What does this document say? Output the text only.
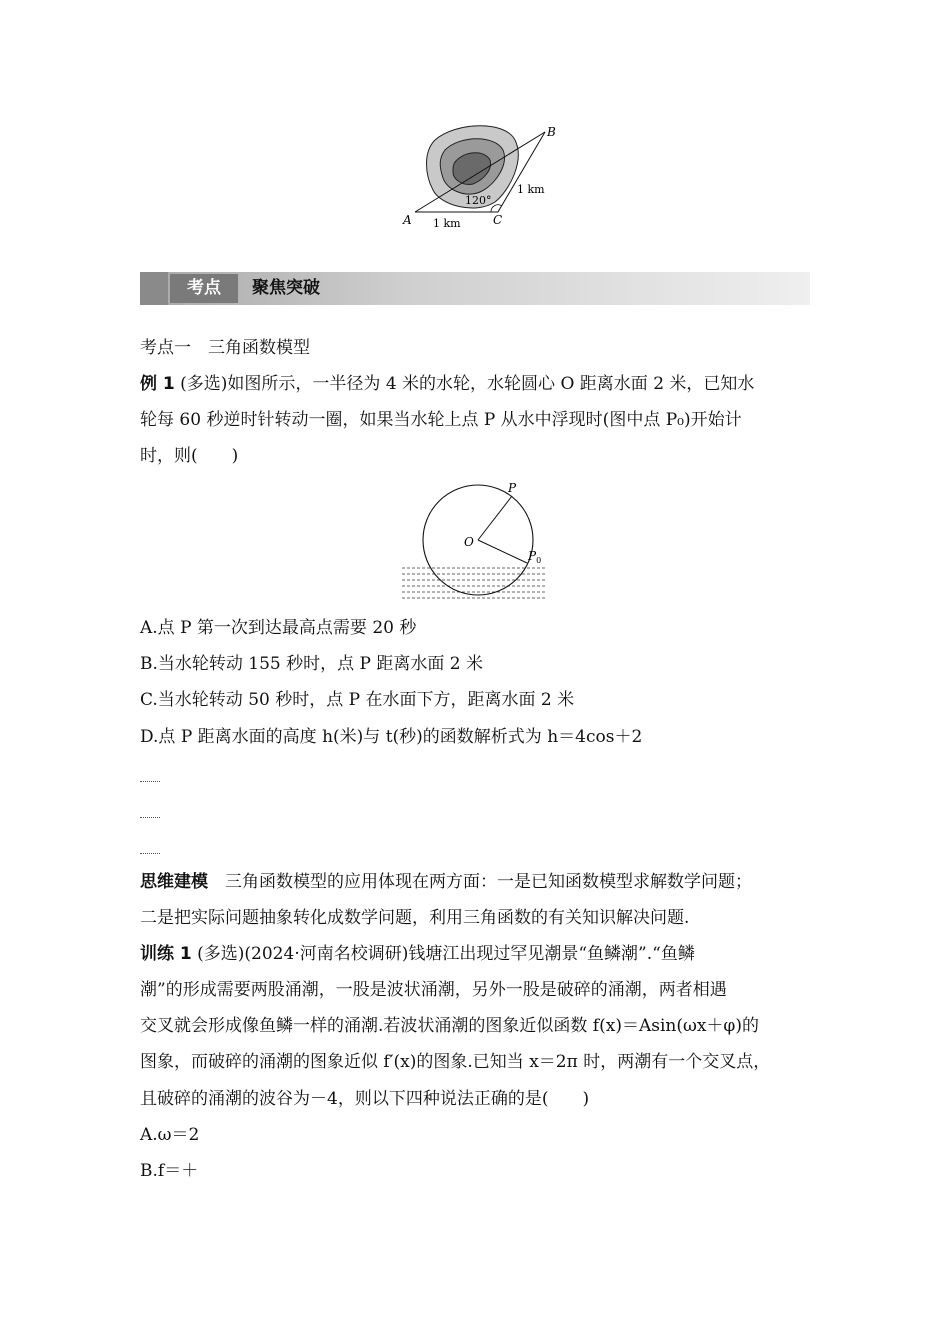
A
B
C
120°
1 km
1 km
考点	聚焦突破
考点一　三角函数模型
例 1 (多选)如图所示，一半径为 4 米的水轮，水轮圆心 O 距离水面 2 米，已知水
轮每 60 秒逆时针转动一圈，如果当水轮上点 P 从水中浮现时(图中点 P₀)开始计
时，则(　　)
O
P
$P_0$
A.点 P 第一次到达最高点需要 20 秒
B.当水轮转动 155 秒时，点 P 距离水面 2 米
C.当水轮转动 50 秒时，点 P 在水面下方，距离水面 2 米
D.点 P 距离水面的高度 h(米)与 t(秒)的函数解析式为 h＝4cos＋2
思维建模　三角函数模型的应用体现在两方面：一是已知函数模型求解数学问题；
二是把实际问题抽象转化成数学问题，利用三角函数的有关知识解决问题.
训练 1 (多选)(2024·河南名校调研)钱塘江出现过罕见潮景“鱼鳞潮”.“鱼鳞
潮”的形成需要两股涌潮，一股是波状涌潮，另外一股是破碎的涌潮，两者相遇
交叉就会形成像鱼鳞一样的涌潮.若波状涌潮的图象近似函数 f(x)＝Asin(ωx＋φ)的
图象，而破碎的涌潮的图象近似 f′(x)的图象.已知当 x＝2π 时，两潮有一个交叉点，
且破碎的涌潮的波谷为－4，则以下四种说法正确的是(　　)
A.ω＝2
B.f＝＋
